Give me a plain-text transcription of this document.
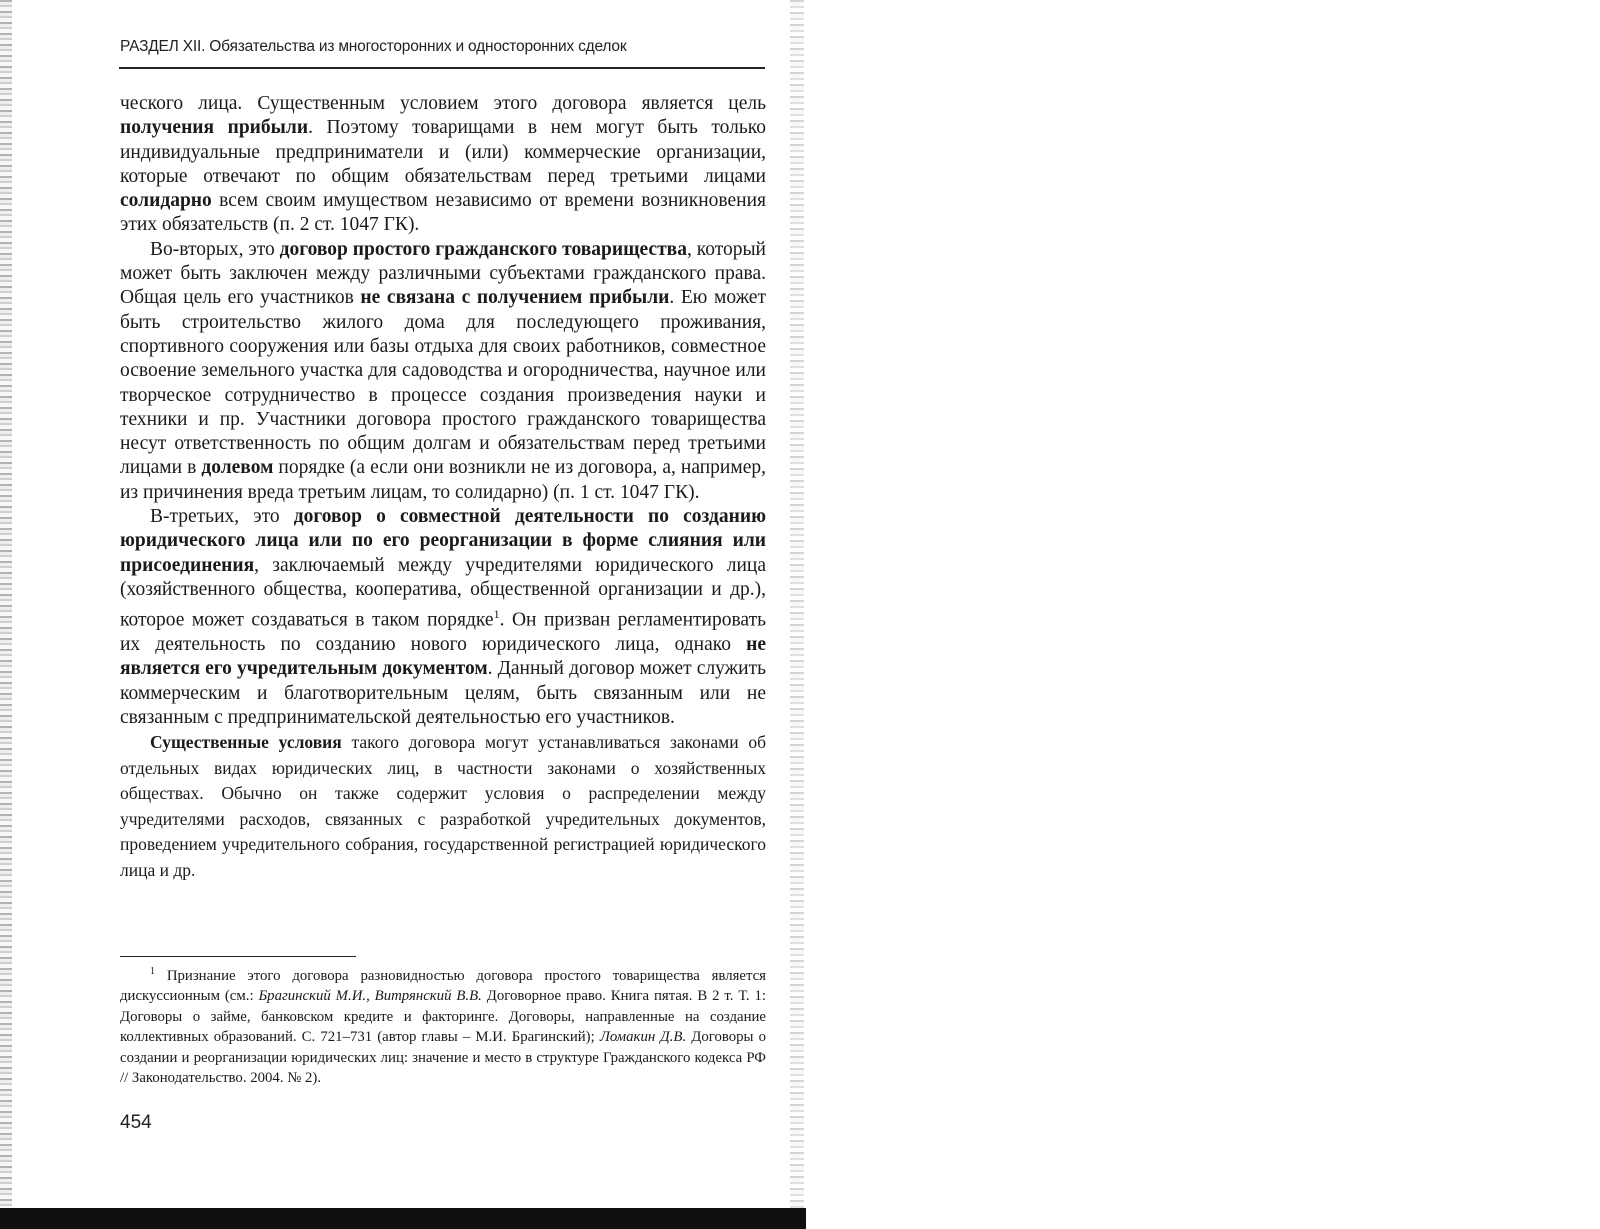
РАЗДЕЛ XII. Обязательства из многосторонних и односторонних сделок

ческого лица. Существенным условием этого договора является цель получения прибыли. Поэтому товарищами в нем могут быть только индивидуальные предприниматели и (или) коммерческие организации, которые отвечают по общим обязательствам перед третьими лицами солидарно всем своим имуществом независимо от времени возникновения этих обязательств (п. 2 ст. 1047 ГК).

Во-вторых, это договор простого гражданского товарищества, который может быть заключен между различными субъектами гражданского права. Общая цель его участников не связана с получением прибыли. Ею может быть строительство жилого дома для последующего проживания, спортивного сооружения или базы отдыха для своих работников, совместное освоение земельного участка для садоводства и огородничества, научное или творческое сотрудничество в процессе создания произведения науки и техники и пр. Участники договора простого гражданского товарищества несут ответственность по общим долгам и обязательствам перед третьими лицами в долевом порядке (а если они возникли не из договора, а, например, из причинения вреда третьим лицам, то солидарно) (п. 1 ст. 1047 ГК).

В-третьих, это договор о совместной деятельности по созданию юридического лица или по его реорганизации в форме слияния или присоединения, заключаемый между учредителями юридического лица (хозяйственного общества, кооператива, общественной организации и др.), которое может создаваться в таком порядке$^1$. Он призван регламентировать их деятельность по созданию нового юридического лица, однако не является его учредительным документом. Данный договор может служить коммерческим и благотворительным целям, быть связанным или не связанным с предпринимательской деятельностью его участников.

Существенные условия такого договора могут устанавливаться законами об отдельных видах юридических лиц, в частности законами о хозяйственных обществах. Обычно он также содержит условия о распределении между учредителями расходов, связанных с разработкой учредительных документов, проведением учредительного собрания, государственной регистрацией юридического лица и др.

$^1$ Признание этого договора разновидностью договора простого товарищества является дискуссионным (см.: Брагинский М.И., Витрянский В.В. Договорное право. Книга пятая. В 2 т. Т. 1: Договоры о займе, банковском кредите и факторинге. Договоры, направленные на создание коллективных образований. С. 721–731 (автор главы – М.И. Брагинский); Ломакин Д.В. Договоры о создании и реорганизации юридических лиц: значение и место в структуре Гражданского кодекса РФ // Законодательство. 2004. № 2).
454
